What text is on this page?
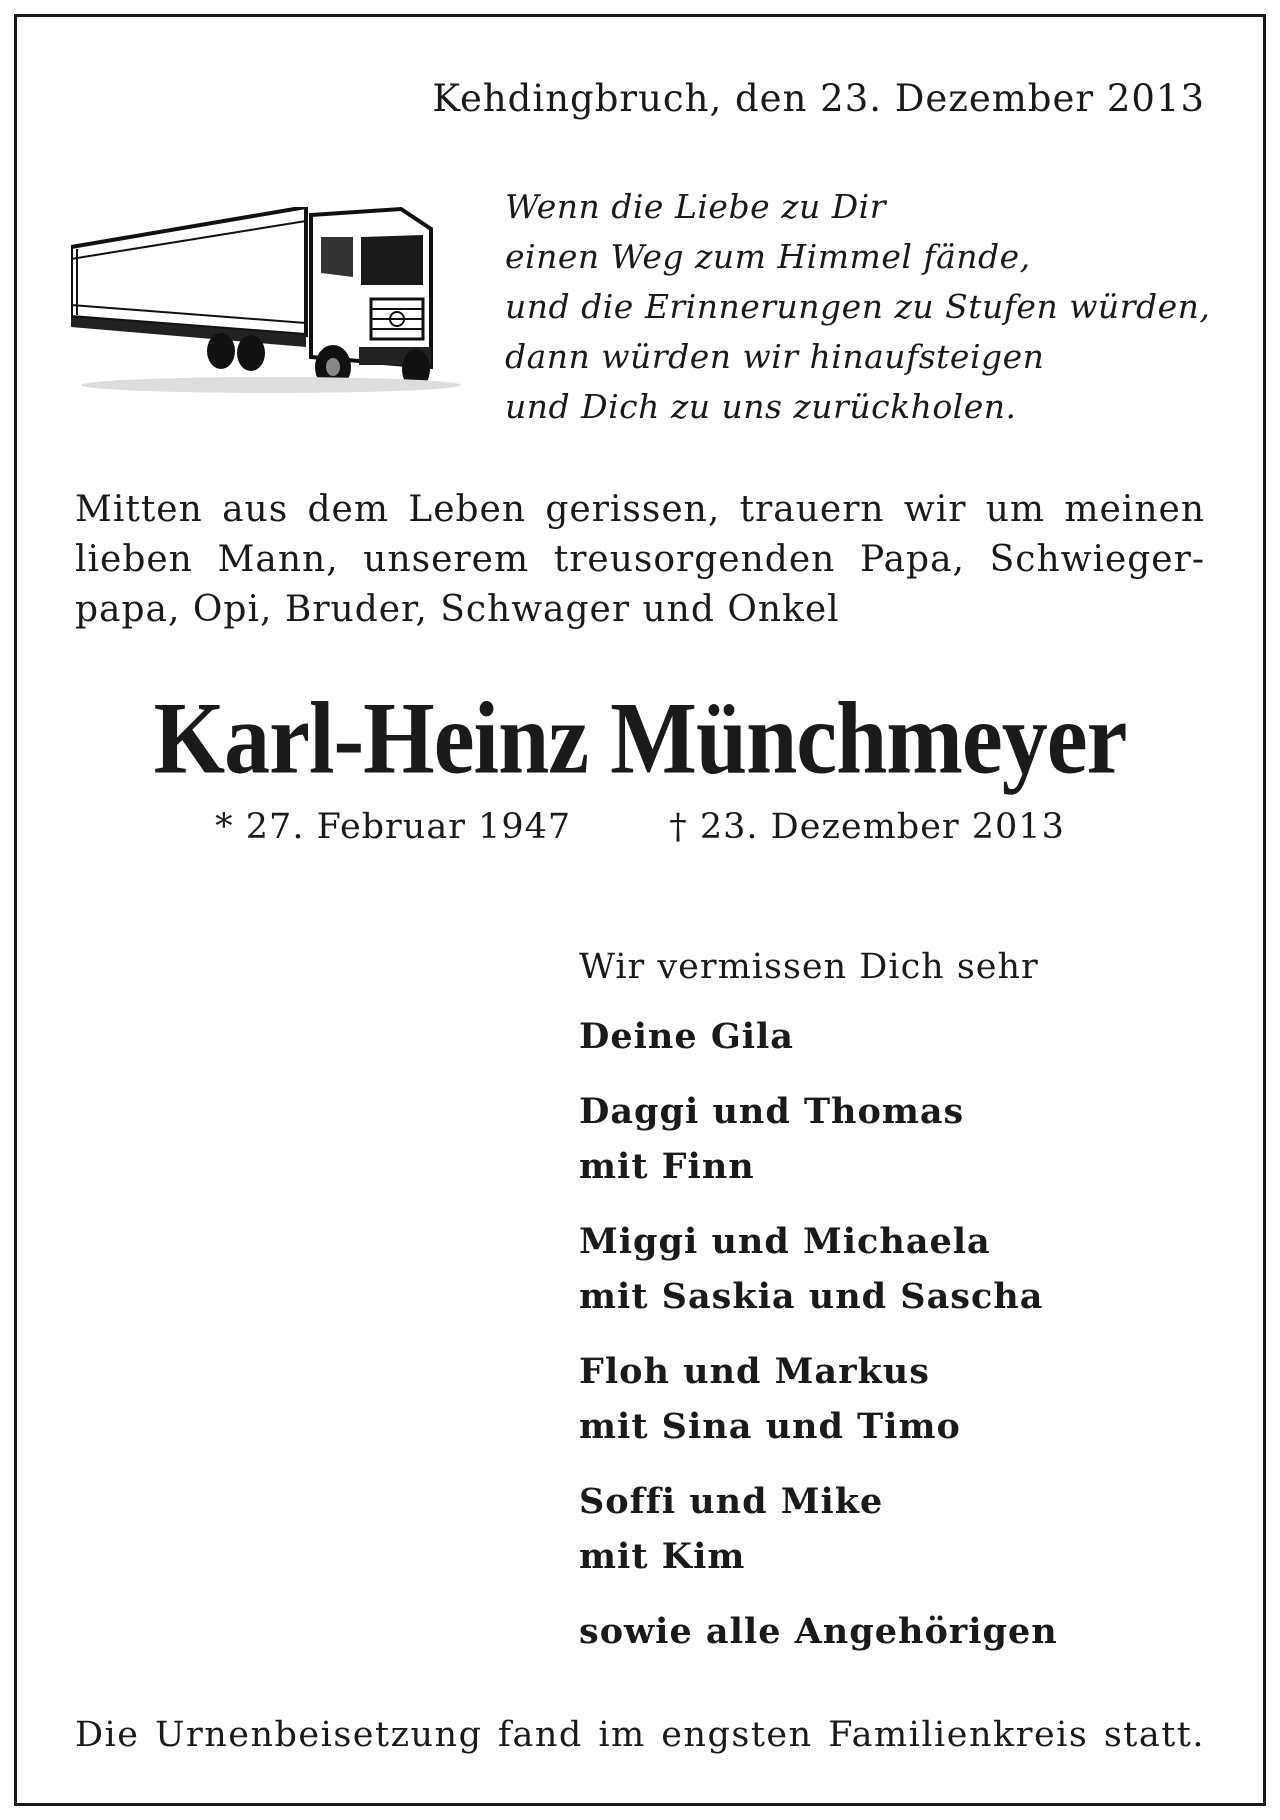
Kehdingbruch, den 23. Dezember 2013
Wenn die Liebe zu Dir
einen Weg zum Himmel fände,
und die Erinnerungen zu Stufen würden,
dann würden wir hinaufsteigen
und Dich zu uns zurückholen.
Mitten aus dem Leben gerissen, trauern wir um meinen
lieben Mann, unserem treusorgenden Papa, Schwieger-
papa, Opi, Bruder, Schwager und Onkel
Karl-Heinz Münchmeyer
* 27. Februar 1947	† 23. Dezember 2013
Wir vermissen Dich sehr
Deine Gila
Daggi und Thomas
mit Finn
Miggi und Michaela
mit Saskia und Sascha
Floh und Markus
mit Sina und Timo
Soffi und Mike
mit Kim
sowie alle Angehörigen
Die Urnenbeisetzung fand im engsten Familienkreis statt.
